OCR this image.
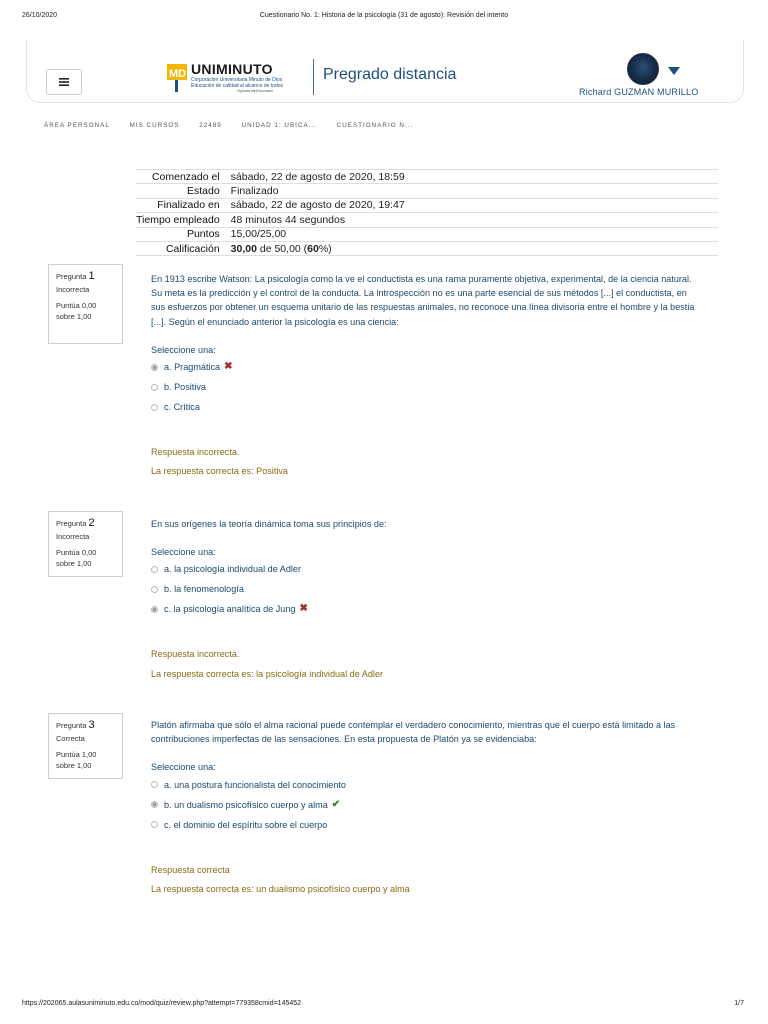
26/10/2020	Cuestionario No. 1: Historia de la psicología (31 de agosto): Revisión del intento
MD UNIMINUTO
Corporación Universitaria Minuto de Dios
Educación de calidad al alcance de todos
Vigilada MinEducación
Pregrado distancia
Richard GUZMAN MURILLO
ÁREA PERSONAL	MIS CURSOS	22489	UNIDAD 1: UBICA...	CUESTIONARIO N...
Comenzado el	sábado, 22 de agosto de 2020, 18:59
Estado	Finalizado
Finalizado en	sábado, 22 de agosto de 2020, 19:47
Tiempo empleado	48 minutos 44 segundos
Puntos	15,00/25,00
Calificación	30,00 de 50,00 (60%)
Pregunta 1
Incorrecta
Puntúa 0,00
sobre 1,00
En 1913 escribe Watson: La psicología como la ve el conductista es una rama puramente objetiva, experimental, de la ciencia natural. Su meta es la predicción y el control de la conducta. La introspección no es una parte esencial de sus métodos [...] el conductista, en sus esfuerzos por obtener un esquema unitario de las respuestas animales, no reconoce una línea divisoria entre el hombre y la bestia [...]. Según el enunciado anterior la psicología es una ciencia:
Seleccione una:
a. Pragmática ✖
b. Positiva
c. Crítica
Respuesta incorrecta.
La respuesta correcta es: Positiva
Pregunta 2
Incorrecta
Puntúa 0,00
sobre 1,00
En sus orígenes la teoría dinámica toma sus principios de:
Seleccione una:
a. la psicología individual de Adler
b. la fenomenología
c. la psicología analítica de Jung ✖
Respuesta incorrecta.
La respuesta correcta es: la psicología individual de Adler
Pregunta 3
Correcta
Puntúa 1,00
sobre 1,00
Platón afirmaba que sólo el alma racional puede contemplar el verdadero conocimiento, mientras que el cuerpo está limitado a las contribuciones imperfectas de las sensaciones. En esta propuesta de Platón ya se evidenciaba:
Seleccione una:
a. una postura funcionalista del conocimiento
b. un dualismo psicofísico cuerpo y alma ✔
c. el dominio del espíritu sobre el cuerpo
Respuesta correcta
La respuesta correcta es: un dualismo psicofísico cuerpo y alma
https://202065.aulasuniminuto.edu.co/mod/quiz/review.php?attempt=779358cmid=145452	1/7
